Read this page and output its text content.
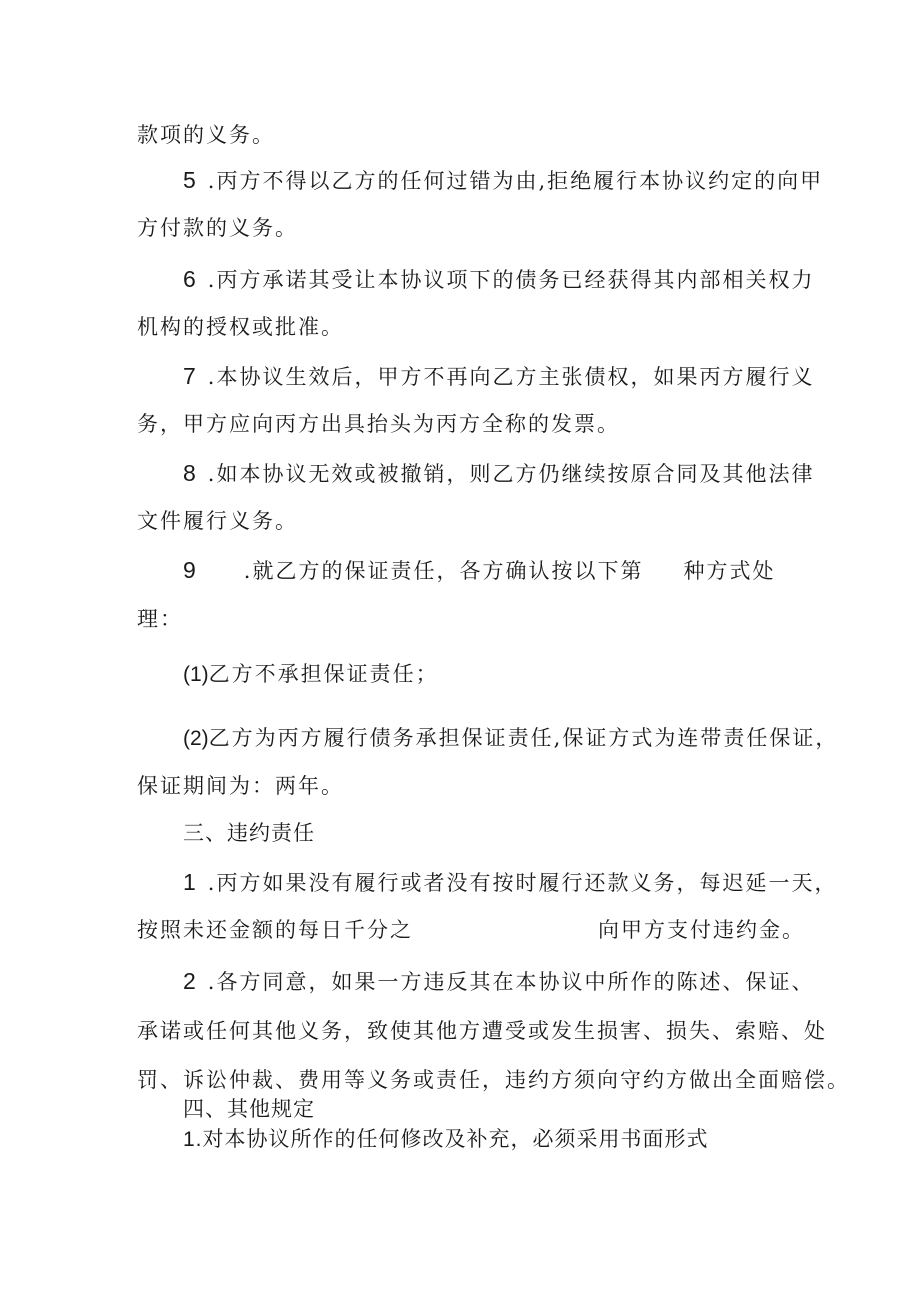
款项的义务。
5 .丙方不得以乙方的任何过错为由,拒绝履行本协议约定的向甲
方付款的义务。
6 .丙方承诺其受让本协议项下的债务已经获得其内部相关权力
机构的授权或批准。
7 .本协议生效后，甲方不再向乙方主张债权，如果丙方履行义
务，甲方应向丙方出具抬头为丙方全称的发票。
8 .如本协议无效或被撤销，则乙方仍继续按原合同及其他法律
文件履行义务。
9 .就乙方的保证责任，各方确认按以下第 种方式处
理：
(1)乙方不承担保证责任；
(2)乙方为丙方履行债务承担保证责任,保证方式为连带责任保证，
保证期间为：两年。
三、违约责任
1 .丙方如果没有履行或者没有按时履行还款义务，每迟延一天，
按照未还金额的每日千分之	向甲方支付违约金。
2 .各方同意，如果一方违反其在本协议中所作的陈述、保证、
承诺或任何其他义务，致使其他方遭受或发生损害、损失、索赔、处
罚、诉讼仲裁、费用等义务或责任，违约方须向守约方做出全面赔偿。
四、其他规定
1.对本协议所作的任何修改及补充，必须采用书面形式
